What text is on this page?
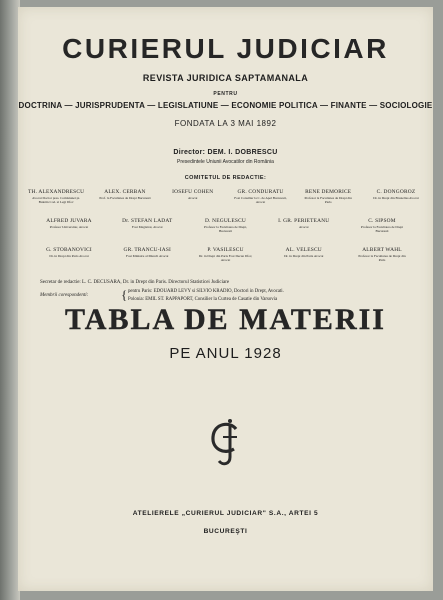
CURIERUL JUDICIAR
REVISTA JURIDICA SAPTAMANALA
PENTRU
DOCTRINA — JURISPRUDENTA — LEGISLATIUNE — ECONOMIE POLITICA — FINANTE — SOCIOLOGIE
FONDATA LA 3 MAI 1892
Director: DEM. I. DOBRESCU
Presedintele Uniunii Avocatilor din România
COMITETUL DE REDACTIE:
TH. ALEXANDRESCU
Avocat Doctor pres. Comisiunei pt. Buletin Cod. si Legi Ilfov
ALEX. CERBAN
Prof. la Facultatea de Drept Bucuresti
IOSEFU COHEN
Avocat
GR. CONDURATU
Fost Consilier la C. de Apel Bucuresti, Avocat
RENE DEMORICE
Profesor la Facultatea de Drept din Paris
C. DONGOROZ
Dr. in Drept din Bruxelles Avocat
ALFRED JUVARA
Profesor Universitar, Avocat
Dr. STEFAN LADAT
Fost Magistrat, Avocat
D. NEGULESCU
Profesor la Facultatea de Drept, Bucuresti
I. GR. PERIETEANU
Avocat
C. SIPSOM
Profesor la Facultatea de Drept Bucuresti
G. STOBANOVICI
Dr. in Drept din Paris Avocat
GR. TRANCU-IASI
Fost Ministru al Muncii Avocat
P. VASILESCU
Dr. in Drept din Paris Fost Decan Ilfov, Avocat
AL. VELESCU
Dr. in Drept din Paris Avocat
ALBERT WAHL
Profesor la Facultatea de Drept din Paris
Secretar de redactie: L. C. DECUSARA, Dr. in Drept din Paris. Directorul Statisticei Judiciare
Membrii corespondenti:	{ pentru Paris: EDOUARD LEVY si SILVIO KRADIO, Doctori in Drept, Avocati.
Polonia: EMIL ST. RAPPAPORT, Consilier la Curtea de Casatie din Varsovia
TABLA DE MATERII
PE ANUL 1928
ATELIERELE „CURIERUL JUDICIAR" S.A., ARTEI 5
BUCUREŞTI
